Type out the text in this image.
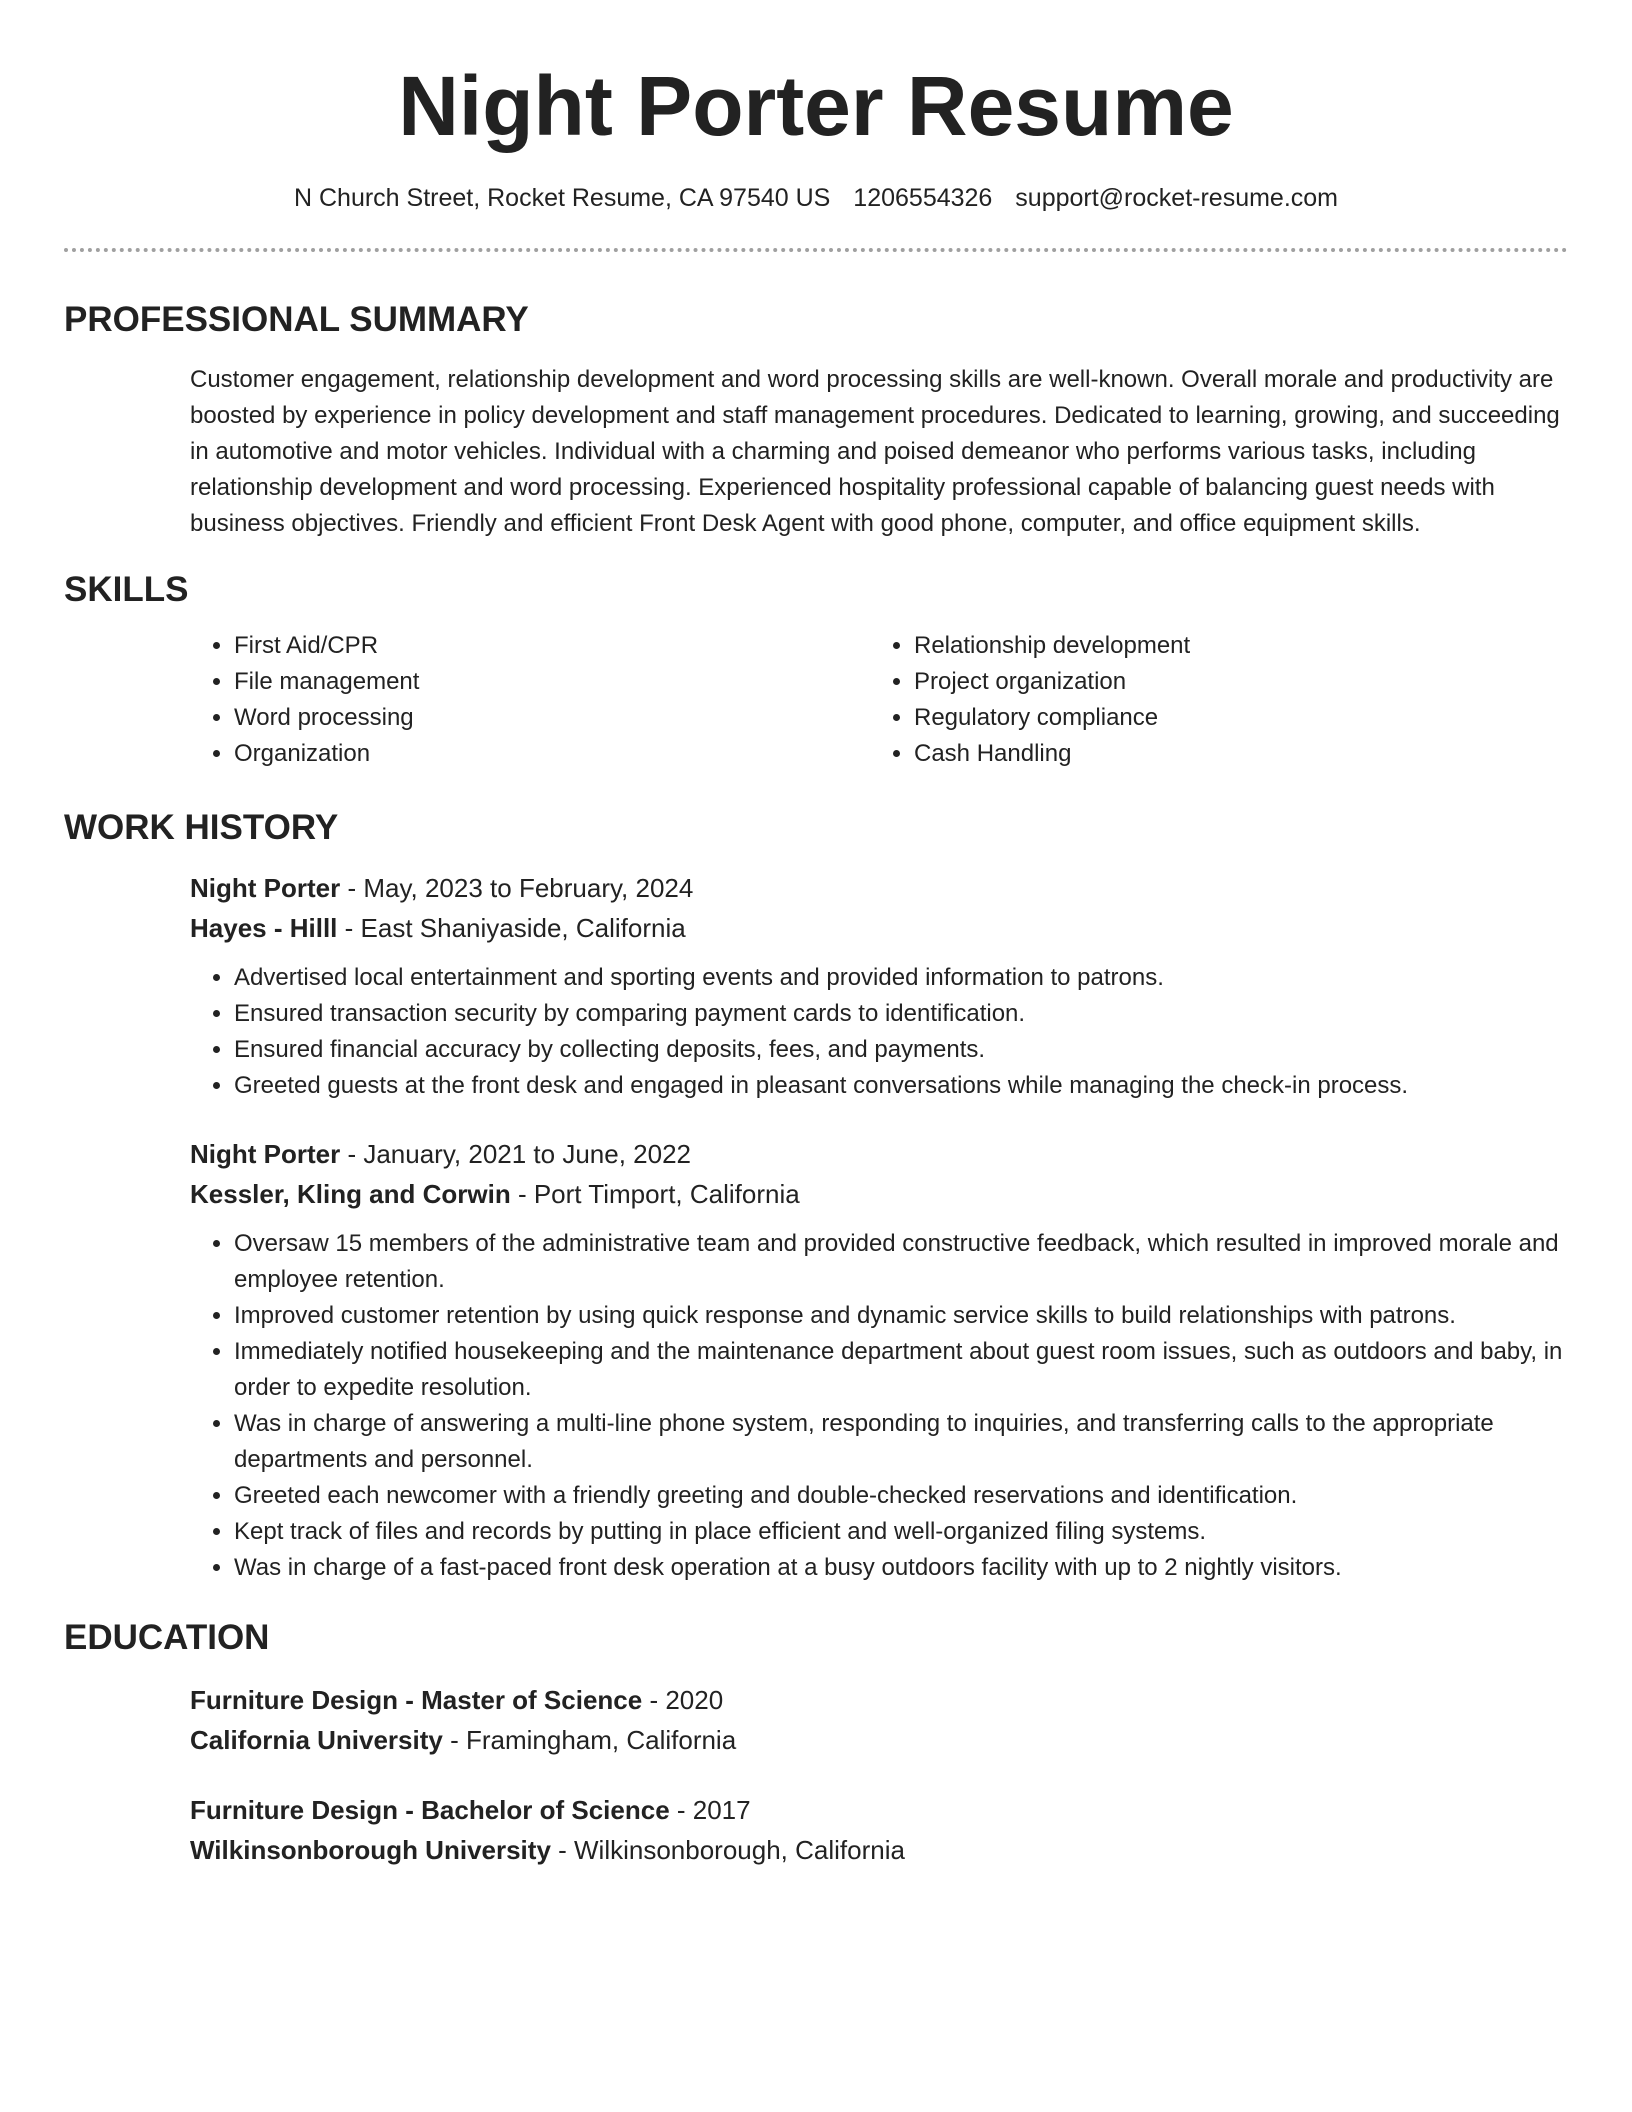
Night Porter Resume
N Church Street, Rocket Resume, CA 97540 US 1206554326 support@rocket-resume.com
PROFESSIONAL SUMMARY

Customer engagement, relationship development and word processing skills are well-known. Overall morale and productivity are boosted by experience in policy development and staff management procedures. Dedicated to learning, growing, and succeeding in automotive and motor vehicles. Individual with a charming and poised demeanor who performs various tasks, including relationship development and word processing. Experienced hospitality professional capable of balancing guest needs with business objectives. Friendly and efficient Front Desk Agent with good phone, computer, and office equipment skills.

SKILLS
• First Aid/CPR
• File management
• Word processing
• Organization
• Relationship development
• Project organization
• Regulatory compliance
• Cash Handling
WORK HISTORY
Night Porter - May, 2023 to February, 2024
Hayes - Hilll - East Shaniyaside, California
• Advertised local entertainment and sporting events and provided information to patrons.
• Ensured transaction security by comparing payment cards to identification.
• Ensured financial accuracy by collecting deposits, fees, and payments.
• Greeted guests at the front desk and engaged in pleasant conversations while managing the check-in process.
Night Porter - January, 2021 to June, 2022
Kessler, Kling and Corwin - Port Timport, California
• Oversaw 15 members of the administrative team and provided constructive feedback, which resulted in improved morale and employee retention.
• Improved customer retention by using quick response and dynamic service skills to build relationships with patrons.
• Immediately notified housekeeping and the maintenance department about guest room issues, such as outdoors and baby, in order to expedite resolution.
• Was in charge of answering a multi-line phone system, responding to inquiries, and transferring calls to the appropriate departments and personnel.
• Greeted each newcomer with a friendly greeting and double-checked reservations and identification.
• Kept track of files and records by putting in place efficient and well-organized filing systems.
• Was in charge of a fast-paced front desk operation at a busy outdoors facility with up to 2 nightly visitors.
EDUCATION
Furniture Design - Master of Science - 2020
California University - Framingham, California
Furniture Design - Bachelor of Science - 2017
Wilkinsonborough University - Wilkinsonborough, California
